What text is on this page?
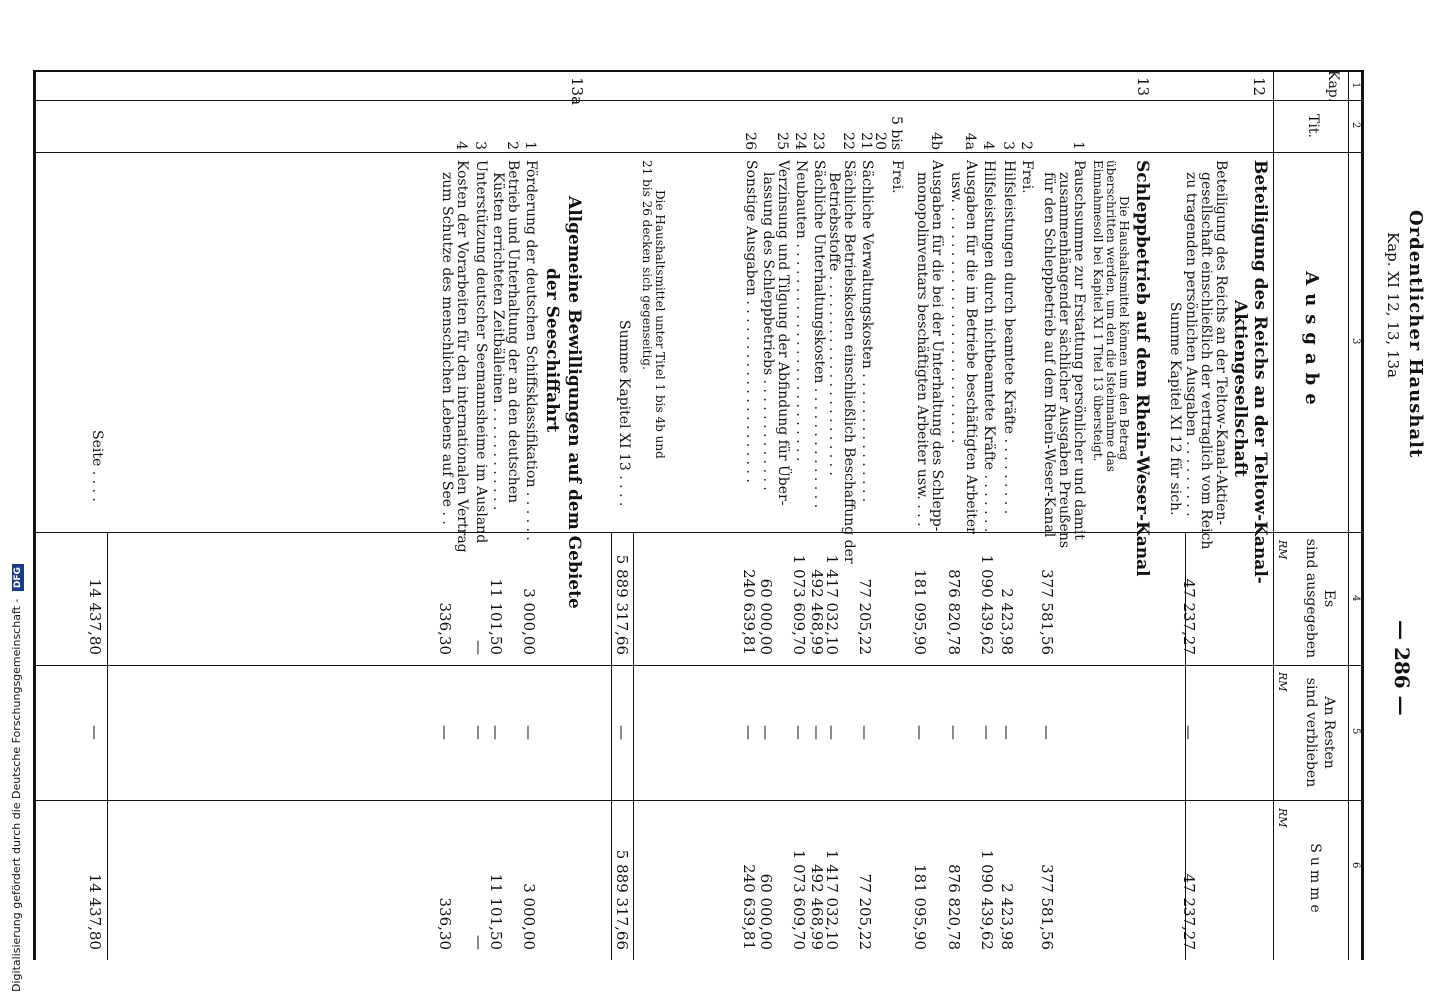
Ordentlicher Haushalt
Kap. XI 12, 13, 13a
— 286 —
1
2
3
4
5
6
Kap.
Tit.
Ausgabe
Es
sind ausgegeben
RM
An Resten
sind verblieben
RM
Summe
RM
12
Beteiligung des Reichs an der Teltow-Kanal-
Aktiengesellschaft
Beteiligung des Reichs an der Teltow-Kanal-Aktien-
gesellschaft einschließlich der vertraglich vom Reich
zu tragenden persönlichen Ausgaben . . . . . . . . .
Summe Kapitel XI 12 für sich.
47 237,27
—
47 237,27
13
Schleppbetrieb auf dem Rhein-Weser-Kanal
Die Haushaltsmittel können um den Betrag
überschritten werden, um den die Isteinnahme das
Einnahmesoll bei Kapitel XI 1 Titel 13 übersteigt.
Die Haushaltsmittel unter Titel 1 bis 4b und
21 bis 26 decken sich gegenseitig.
Summe Kapitel XI 13 . . . .
5 889 317,66
—
5 889 317,66
13a
Allgemeine Bewilligungen auf dem Gebiete
der Seeschiffahrt
Seite . . . .
14 437,80
—
14 437,80
1
Pauschsumme zur Erstattung persönlicher und damit
zusammenhängender sächlicher Ausgaben Preußens
für den Schleppbetrieb auf dem Rhein-Weser-Kanal
377 581,56
—
377 581,56
2
Frei.
3
Hilfsleistungen durch beamtete Kräfte . . . . . . . . .
2 423,98
—
2 423,98
4
Hilfsleistungen durch nichtbeamtete Kräfte . . . . . . .
1 090 439,62
—
1 090 439,62
4a
Ausgaben für die im Betriebe beschäftigten Arbeiter
usw. . . . . . . . . . . . . . . . . . . . . . . . . . . .
876 820,78
—
876 820,78
4b
Ausgaben für die bei der Unterhaltung des Schlepp-
monopolinventars beschäftigten Arbeiter usw. . . .
181 095,90
—
181 095,90
5 bis 20
Frei.
21
Sächliche Verwaltungskosten . . . . . . . . . . . . . . .
77 205,22
—
77 205,22
22
Sächliche Betriebskosten einschließlich Beschaffung der
Betriebsstoffe . . . . . . . . . . . . . . . . . . . . . . .
1 417 032,10
—
1 417 032,10
23
Sächliche Unterhaltungskosten . . . . . . . . . . . . . .
492 468,99
—
492 468,99
24
Neubauten . . . . . . . . . . . . . . . . . . . . . . . . .
1 073 609,70
—
1 073 609,70
25
Verzinsung und Tilgung der Abfindung für Über-
lassung des Schleppbetriebs . . . . . . . . . . . . .
60 000,00
—
60 000,00
26
Sonstige Ausgaben . . . . . . . . . . . . . . . . . . . . .
240 639,81
—
240 639,81
1
Förderung der deutschen Schiffsklassifikation . . . . . .
3 000,00
—
3 000,00
2
Betrieb und Unterhaltung der an den deutschen
Küsten errichteten Zeitbälleinen . . . . . . . . . . . .
11 101,50
—
11 101,50
3
Unterstützung deutscher Seemannsheime im Ausland
—
—
—
4
Kosten der Vorarbeiten für den internationalen Vertrag
zum Schutze des menschlichen Lebens auf See . .
336,30
—
336,30
Digitalisierung gefördert durch die Deutsche Forschungsgemeinschaft - DFG
